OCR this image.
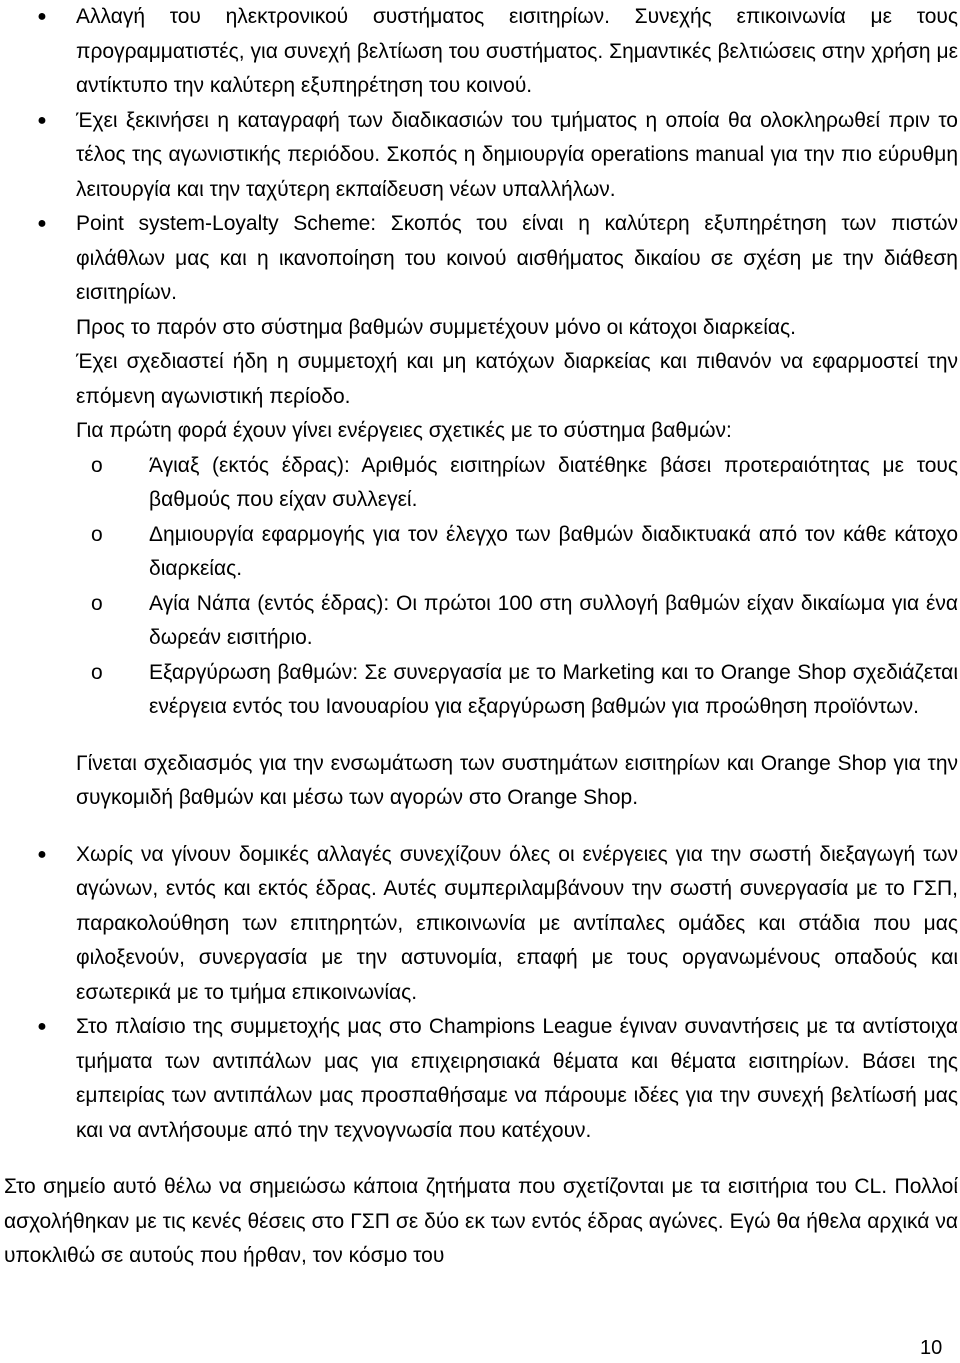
● Αλλαγή του ηλεκτρονικού συστήματος εισιτηρίων. Συνεχής επικοινωνία με τους προγραμματιστές, για συνεχή βελτίωση του συστήματος. Σημαντικές βελτιώσεις στην χρήση με αντίκτυπο την καλύτερη εξυπηρέτηση του κοινού.
● Έχει ξεκινήσει η καταγραφή των διαδικασιών του τμήματος η οποία θα ολοκληρωθεί πριν το τέλος της αγωνιστικής περιόδου. Σκοπός η δημιουργία operations manual για την πιο εύρυθμη λειτουργία και την ταχύτερη εκπαίδευση νέων υπαλλήλων.
● Point system-Loyalty Scheme: Σκοπός του είναι η καλύτερη εξυπηρέτηση των πιστών φιλάθλων μας και η ικανοποίηση του κοινού αισθήματος δικαίου σε σχέση με την διάθεση εισιτηρίων.
Προς το παρόν στο σύστημα βαθμών συμμετέχουν μόνο οι κάτοχοι διαρκείας.
Έχει σχεδιαστεί ήδη η συμμετοχή και μη κατόχων διαρκείας και πιθανόν να εφαρμοστεί την επόμενη αγωνιστική περίοδο.
Για πρώτη φορά έχουν γίνει ενέργειες σχετικές με το σύστημα βαθμών:
o	Άγιαξ (εκτός έδρας): Αριθμός εισιτηρίων διατέθηκε βάσει προτεραιότητας με τους βαθμούς που είχαν συλλεγεί.
o	Δημιουργία εφαρμογής για τον έλεγχο των βαθμών διαδικτυακά από τον κάθε κάτοχο διαρκείας.
o	Αγία Νάπα (εντός έδρας): Οι πρώτοι 100 στη συλλογή βαθμών είχαν δικαίωμα για ένα δωρεάν εισιτήριο.
o	Εξαργύρωση βαθμών: Σε συνεργασία με το Marketing και το Orange Shop σχεδιάζεται ενέργεια εντός του Ιανουαρίου για εξαργύρωση βαθμών για προώθηση προϊόντων.
Γίνεται σχεδιασμός για την ενσωμάτωση των συστημάτων εισιτηρίων και Orange Shop για την συγκομιδή βαθμών και μέσω των αγορών στο Orange Shop.
● Χωρίς να γίνουν δομικές αλλαγές συνεχίζουν όλες οι ενέργειες για την σωστή διεξαγωγή των αγώνων, εντός και εκτός έδρας. Αυτές συμπεριλαμβάνουν την σωστή συνεργασία με το ΓΣΠ, παρακολούθηση των επιτηρητών, επικοινωνία με αντίπαλες ομάδες και στάδια που μας φιλοξενούν, συνεργασία με την αστυνομία, επαφή με τους οργανωμένους οπαδούς και εσωτερικά με το τμήμα επικοινωνίας.
● Στο πλαίσιο της συμμετοχής μας στο Champions League έγιναν συναντήσεις με τα αντίστοιχα τμήματα των αντιπάλων μας για επιχειρησιακά θέματα και θέματα εισιτηρίων. Βάσει της εμπειρίας των αντιπάλων μας προσπαθήσαμε να πάρουμε ιδέες για την συνεχή βελτίωσή μας και να αντλήσουμε από την τεχνογνωσία που κατέχουν.
Στο σημείο αυτό θέλω να σημειώσω κάποια ζητήματα που σχετίζονται με τα εισιτήρια του CL. Πολλοί ασχολήθηκαν με τις κενές θέσεις στο ΓΣΠ σε δύο εκ των εντός έδρας αγώνες. Εγώ θα ήθελα αρχικά να υποκλιθώ σε αυτούς που ήρθαν, τον κόσμο του
10
